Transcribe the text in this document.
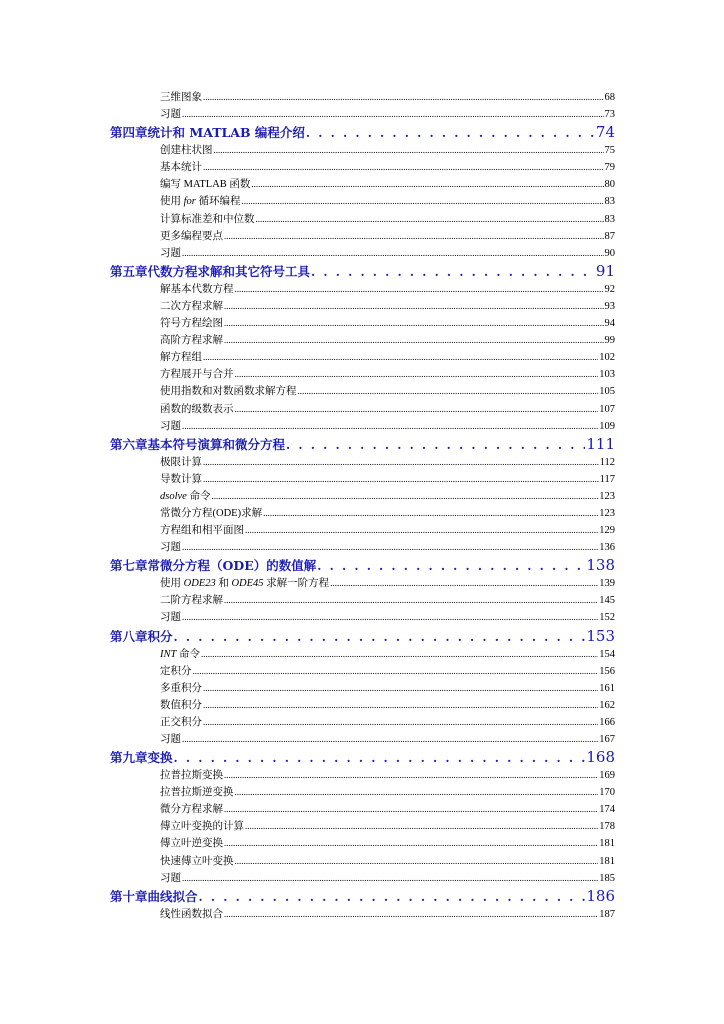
三维图象 .....	68
习题 .....	73
第四章统计和 MATLAB 编程介绍 . . .	74
创建柱状图 .....	75
基本统计 .....	79
编写 MATLAB 函数 .....	80
使用 for 循环编程 .....	83
计算标准差和中位数 .....	83
更多编程要点 .....	87
习题 .....	90
第五章代数方程求解和其它符号工具 . . .	91
解基本代数方程 .....	92
二次方程求解 .....	93
符号方程绘图 .....	94
高阶方程求解 .....	99
解方程组 .....	102
方程展开与合并 .....	103
使用指数和对数函数求解方程 .....	105
函数的级数表示 .....	107
习题 .....	109
第六章基本符号演算和微分方程 . . .	111
极限计算 .....	112
导数计算 .....	117
dsolve 命令 .....	123
常微分方程(ODE)求解 .....	123
方程组和相平面图 .....	129
习题 .....	136
第七章常微分方程（ODE）的数值解 . . .	138
使用 ODE23 和 ODE45 求解一阶方程 .....	139
二阶方程求解 .....	145
习题 .....	152
第八章积分 . . .	153
INT 命令 .....	154
定积分 .....	156
多重积分 .....	161
数值积分 .....	162
正交积分 .....	166
习题 .....	167
第九章变换 . . .	168
拉普拉斯变换 .....	169
拉普拉斯逆变换 .....	170
微分方程求解 .....	174
傅立叶变换的计算 .....	178
傅立叶逆变换 .....	181
快速傅立叶变换 .....	181
习题 .....	185
第十章曲线拟合 . . .	186
线性函数拟合 .....	187
